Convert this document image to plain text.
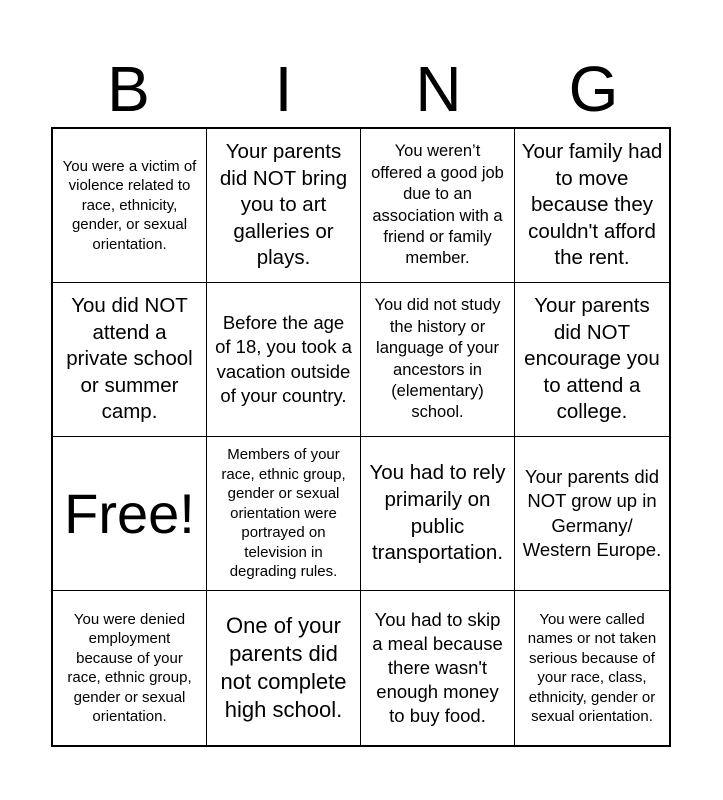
B	I	N	G
You were a victim of violence related to race, ethnicity, gender, or sexual orientation.
Your parents did NOT bring you to art galleries or plays.
You weren’t offered a good job due to an association with a friend or family member.
Your family had to move because they couldn't afford the rent.
You did NOT attend a private school or summer camp.
Before the age of 18, you took a vacation outside of your country.
You did not study the history or language of your ancestors in (elementary) school.
Your parents did NOT encourage you to attend a college.
Free!
Members of your race, ethnic group, gender or sexual orientation were portrayed on television in degrading rules.
You had to rely primarily on public transportation.
Your parents did NOT grow up in Germany/ Western Europe.
You were denied employment because of your race, ethnic group, gender or sexual orientation.
One of your parents did not complete high school.
You had to skip a meal because there wasn't enough money to buy food.
You were called names or not taken serious because of your race, class, ethnicity, gender or sexual orientation.
